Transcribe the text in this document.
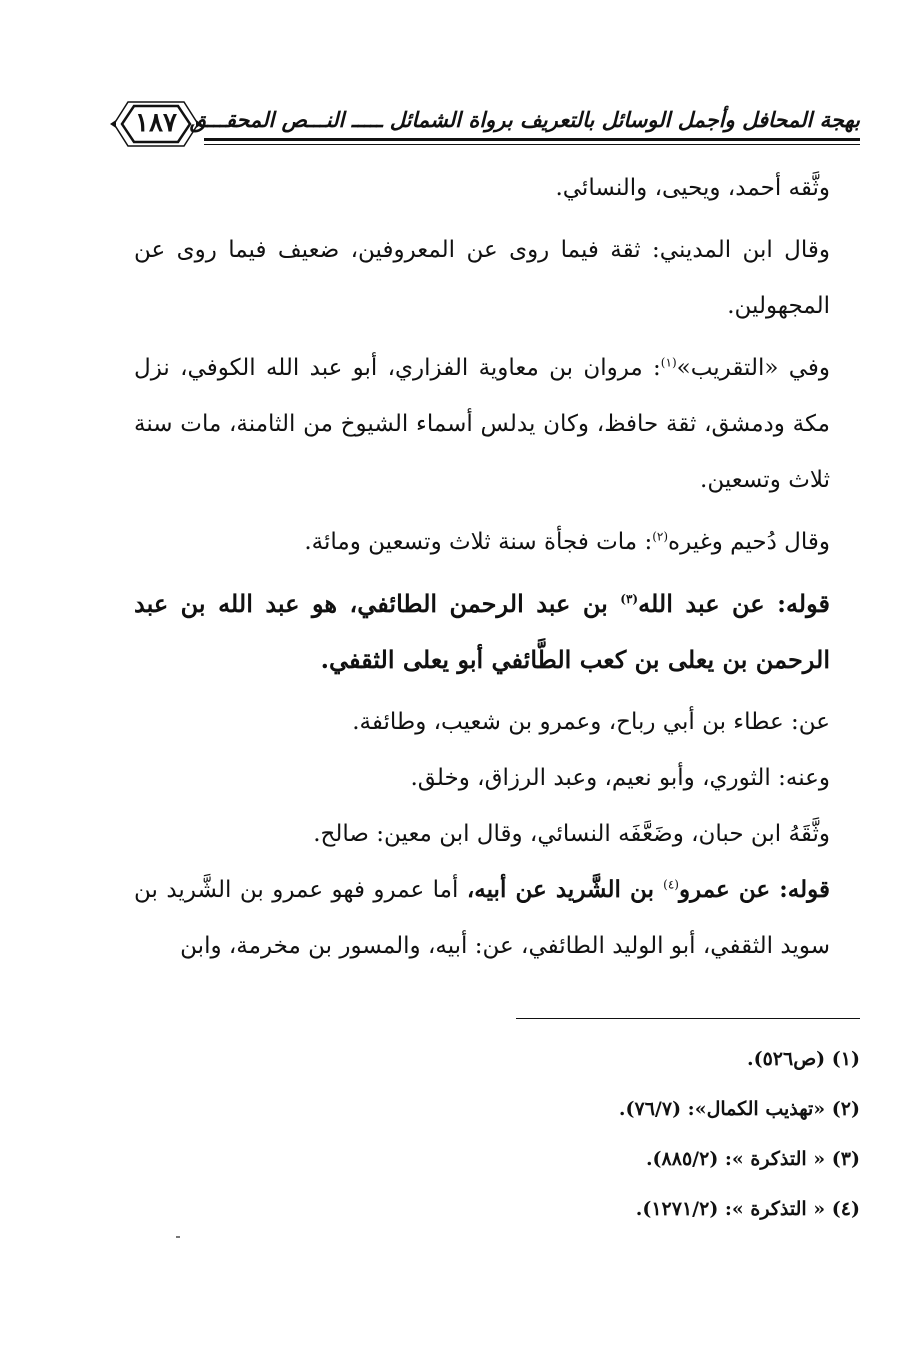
١٨٧ بهجة المحافل وأجمل الوسائل بالتعريف برواة الشمائل ـــــ النـــص المحقـــق

وثَّقه أحمد، ويحيى، والنسائي.

وقال ابن المديني: ثقة فيما روى عن المعروفين، ضعيف فيما روى عن المجهولين.

وفي «التقريب»$^{(١)}$: مروان بن معاوية الفزاري، أبو عبد الله الكوفي، نزل مكة ودمشق، ثقة حافظ، وكان يدلس أسماء الشيوخ من الثامنة، مات سنة ثلاث وتسعين.

وقال دُحيم وغيره$^{(٢)}$: مات فجأة سنة ثلاث وتسعين ومائة.

قوله: عن عبد الله$^{(٣)}$ بن عبد الرحمن الطائفي، هو عبد الله بن عبد الرحمن بن يعلى بن كعب الطَّائفي أبو يعلى الثقفي.

عن: عطاء بن أبي رباح، وعمرو بن شعيب، وطائفة.

وعنه: الثوري، وأبو نعيم، وعبد الرزاق، وخلق.

وثَّقَهُ ابن حبان، وضَعَّفَه النسائي، وقال ابن معين: صالح.

قوله: عن عمرو$^{(٤)}$ بن الشَّريد عن أبيه، أما عمرو فهو عمرو بن الشَّريد بن سويد الثقفي، أبو الوليد الطائفي، عن: أبيه، والمسور بن مخرمة، وابن

(١) (ص٥٢٦).

(٢) «تهذيب الكمال»: (٧٦/٧).

(٣) « التذكرة »: (٨٨٥/٢).

(٤) « التذكرة »: (١٢٧١/٢).
